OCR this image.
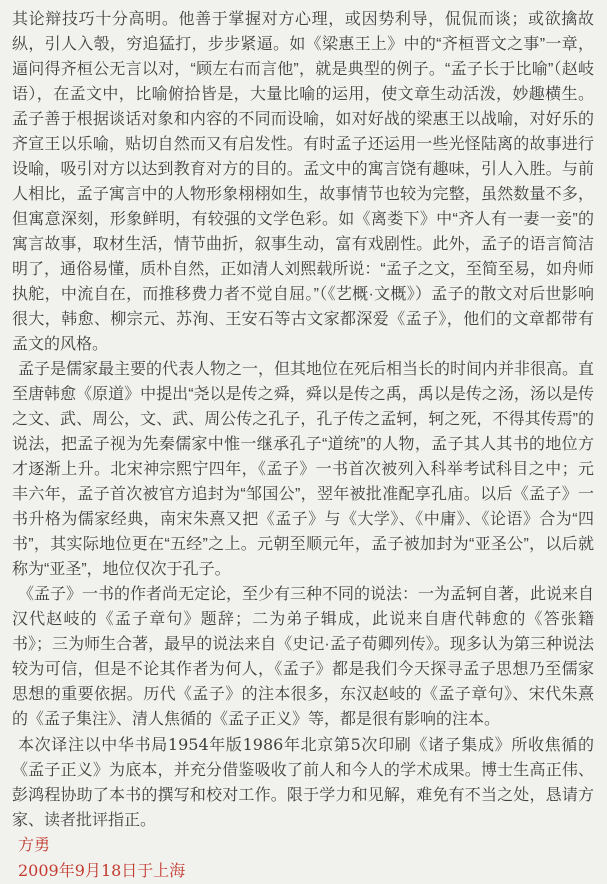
其论辩技巧十分高明。他善于掌握对方心理，或因势利导，侃侃而谈；或欲擒故纵，引人入彀，穷追猛打，步步紧逼。如《梁惠王上》中的“齐桓晋文之事”一章，逼问得齐桓公无言以对，“顾左右而言他”，就是典型的例子。“孟子长于比喻”（赵岐语），在孟文中，比喻俯拾皆是，大量比喻的运用，使文章生动活泼，妙趣横生。孟子善于根据谈话对象和内容的不同而设喻，如对好战的梁惠王以战喻，对好乐的齐宣王以乐喻，贴切自然而又有启发性。有时孟子还运用一些光怪陆离的故事进行设喻，吸引对方以达到教育对方的目的。孟文中的寓言饶有趣味，引人入胜。与前人相比，孟子寓言中的人物形象栩栩如生，故事情节也较为完整，虽然数量不多，但寓意深刻，形象鲜明，有较强的文学色彩。如《离娄下》中“齐人有一妻一妾”的寓言故事，取材生活，情节曲折，叙事生动，富有戏剧性。此外，孟子的语言简洁明了，通俗易懂，质朴自然，正如清人刘熙载所说：“孟子之文，至简至易，如舟师执舵，中流自在，而推移费力者不觉自屈。”（《艺概·文概》）孟子的散文对后世影响很大，韩愈、柳宗元、苏洵、王安石等古文家都深爱《孟子》，他们的文章都带有孟文的风格。

孟子是儒家最主要的代表人物之一，但其地位在死后相当长的时间内并非很高。直至唐韩愈《原道》中提出“尧以是传之舜，舜以是传之禹，禹以是传之汤，汤以是传之文、武、周公，文、武、周公传之孔子，孔子传之孟轲，轲之死，不得其传焉”的说法，把孟子视为先秦儒家中惟一继承孔子“道统”的人物，孟子其人其书的地位方才逐渐上升。北宋神宗熙宁四年，《孟子》一书首次被列入科举考试科目之中；元丰六年，孟子首次被官方追封为“邹国公”，翌年被批准配享孔庙。以后《孟子》一书升格为儒家经典，南宋朱熹又把《孟子》与《大学》、《中庸》、《论语》合为“四书”，其实际地位更在“五经”之上。元朝至顺元年，孟子被加封为“亚圣公”，以后就称为“亚圣”，地位仅次于孔子。

《孟子》一书的作者尚无定论，至少有三种不同的说法：一为孟轲自著，此说来自汉代赵岐的《孟子章句》题辞；二为弟子辑成，此说来自唐代韩愈的《答张籍书》；三为师生合著，最早的说法来自《史记·孟子荀卿列传》。现多认为第三种说法较为可信，但是不论其作者为何人，《孟子》都是我们今天探寻孟子思想乃至儒家思想的重要依据。历代《孟子》的注本很多，东汉赵岐的《孟子章句》、宋代朱熹的《孟子集注》、清人焦循的《孟子正义》等，都是很有影响的注本。

本次译注以中华书局1954年版1986年北京第5次印刷《诸子集成》所收焦循的《孟子正义》为底本，并充分借鉴吸收了前人和今人的学术成果。博士生高正伟、彭鸿程协助了本书的撰写和校对工作。限于学力和见解，难免有不当之处，恳请方家、读者批评指正。

方勇

2009年9月18日于上海
